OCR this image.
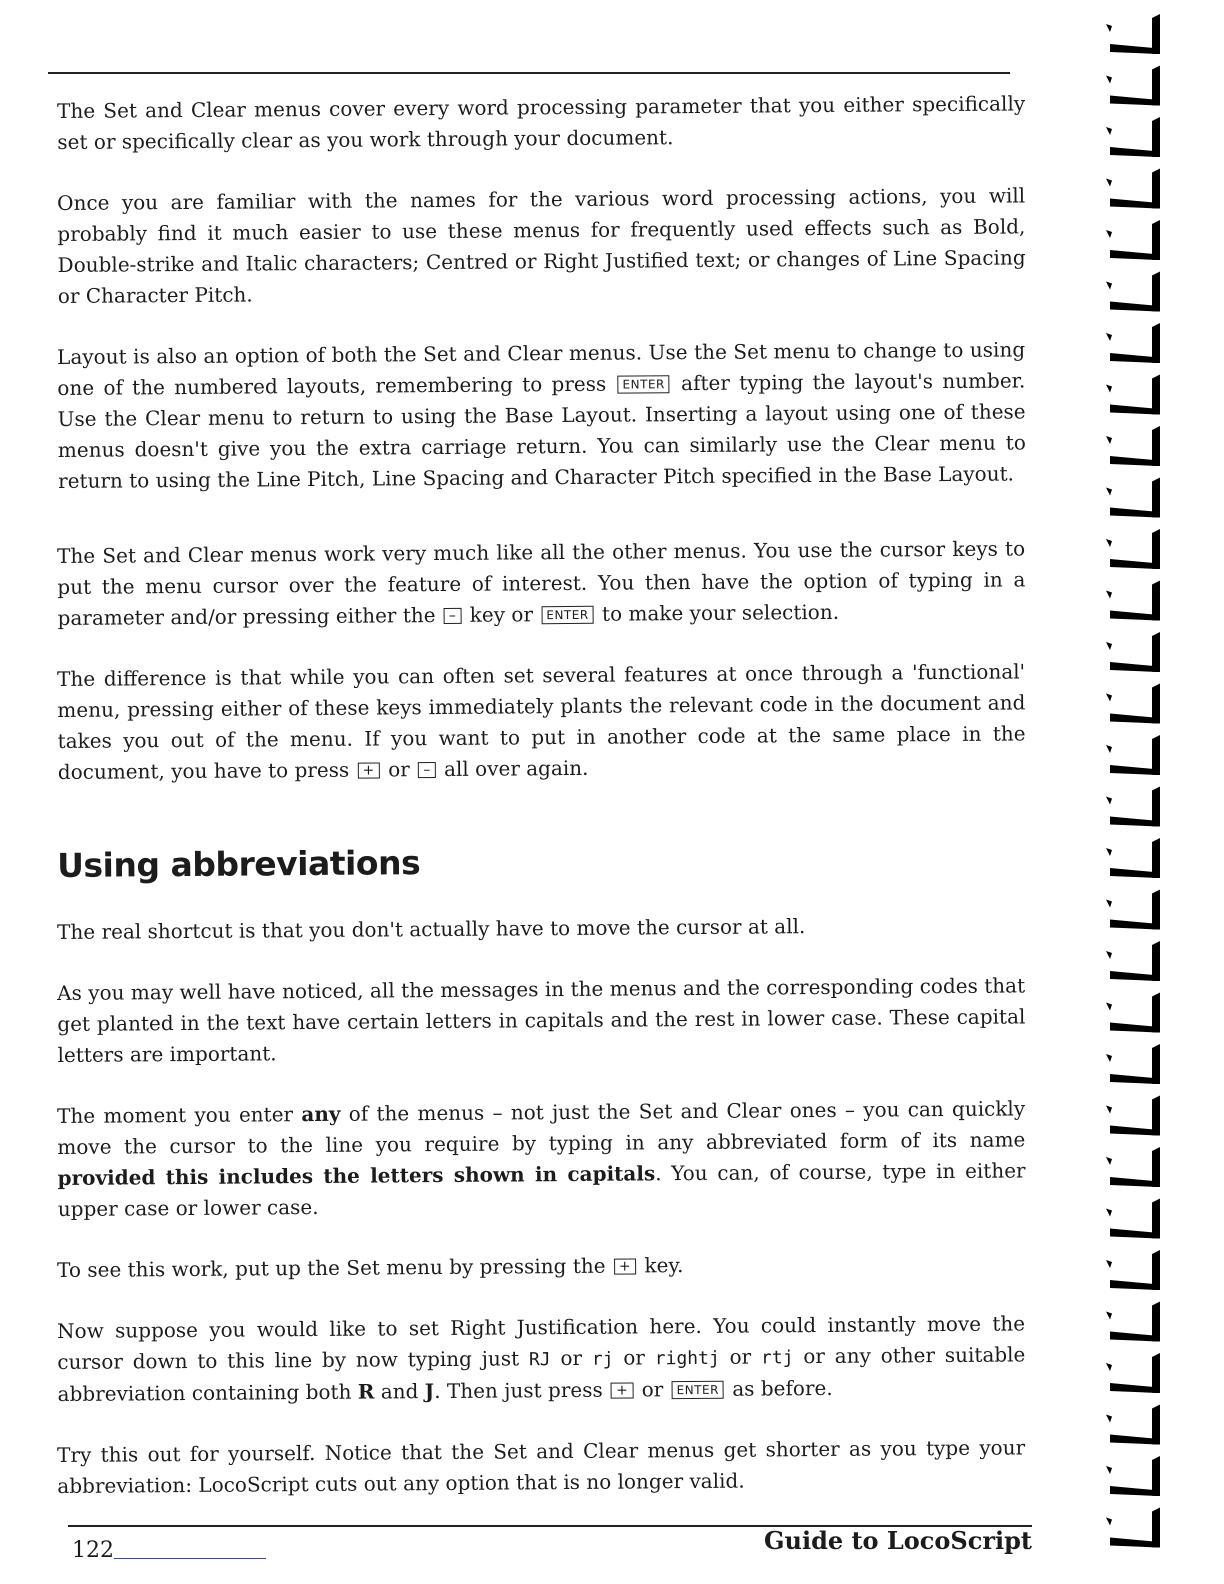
The Set and Clear menus cover every word processing parameter that you either specifically set or specifically clear as you work through your document.

Once you are familiar with the names for the various word processing actions, you will probably find it much easier to use these menus for frequently used effects such as Bold, Double-strike and Italic characters; Centred or Right Justified text; or changes of Line Spacing or Character Pitch.

Layout is also an option of both the Set and Clear menus. Use the Set menu to change to using one of the numbered layouts, remembering to press ENTER after typing the layout's number. Use the Clear menu to return to using the Base Layout. Inserting a layout using one of these menus doesn't give you the extra carriage return. You can similarly use the Clear menu to return to using the Line Pitch, Line Spacing and Character Pitch specified in the Base Layout.

The Set and Clear menus work very much like all the other menus. You use the cursor keys to put the menu cursor over the feature of interest. You then have the option of typing in a parameter and/or pressing either the – key or ENTER to make your selection.

The difference is that while you can often set several features at once through a 'functional' menu, pressing either of these keys immediately plants the relevant code in the document and takes you out of the menu. If you want to put in another code at the same place in the document, you have to press + or – all over again.

Using abbreviations

The real shortcut is that you don't actually have to move the cursor at all.

As you may well have noticed, all the messages in the menus and the corresponding codes that get planted in the text have certain letters in capitals and the rest in lower case. These capital letters are important.

The moment you enter any of the menus – not just the Set and Clear ones – you can quickly move the cursor to the line you require by typing in any abbreviated form of its name provided this includes the letters shown in capitals. You can, of course, type in either upper case or lower case.

To see this work, put up the Set menu by pressing the + key.

Now suppose you would like to set Right Justification here. You could instantly move the cursor down to this line by now typing just RJ or rj or rightj or rtj or any other suitable abbreviation containing both R and J. Then just press + or ENTER as before.

Try this out for yourself. Notice that the Set and Clear menus get shorter as you type your abbreviation: LocoScript cuts out any option that is no longer valid.

122	Guide to LocoScript
